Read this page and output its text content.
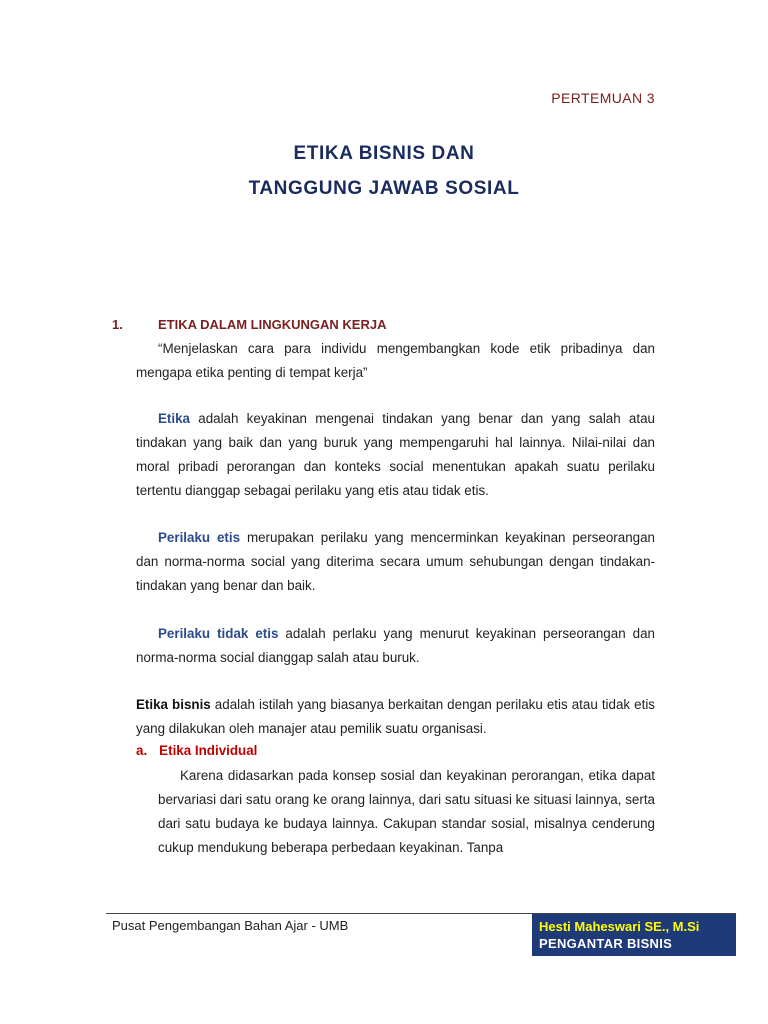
PERTEMUAN 3
ETIKA BISNIS DAN
TANGGUNG JAWAB SOSIAL
1.	ETIKA DALAM LINGKUNGAN KERJA

“Menjelaskan cara para individu mengembangkan kode etik pribadinya dan mengapa etika penting di tempat kerja”

Etika adalah keyakinan mengenai tindakan yang benar dan yang salah atau tindakan yang baik dan yang buruk yang mempengaruhi hal lainnya. Nilai-nilai dan moral pribadi perorangan dan konteks social menentukan apakah suatu perilaku tertentu dianggap sebagai perilaku yang etis atau tidak etis.

Perilaku etis merupakan perilaku yang mencerminkan keyakinan perseorangan dan norma-norma social yang diterima secara umum sehubungan dengan tindakan-tindakan yang benar dan baik.

Perilaku tidak etis adalah perlaku yang menurut keyakinan perseorangan dan norma-norma social dianggap salah atau buruk.

Etika bisnis adalah istilah yang biasanya berkaitan dengan perilaku etis atau tidak etis yang dilakukan oleh manajer atau pemilik suatu organisasi.

a. Etika Individual

Karena didasarkan pada konsep sosial dan keyakinan perorangan, etika dapat bervariasi dari satu orang ke orang lainnya, dari satu situasi ke situasi lainnya, serta dari satu budaya ke budaya lainnya. Cakupan standar sosial, misalnya cenderung cukup mendukung beberapa perbedaan keyakinan. Tanpa

Pusat Pengembangan Bahan Ajar - UMB	Hesti Maheswari SE., M.Si
PENGANTAR BISNIS
